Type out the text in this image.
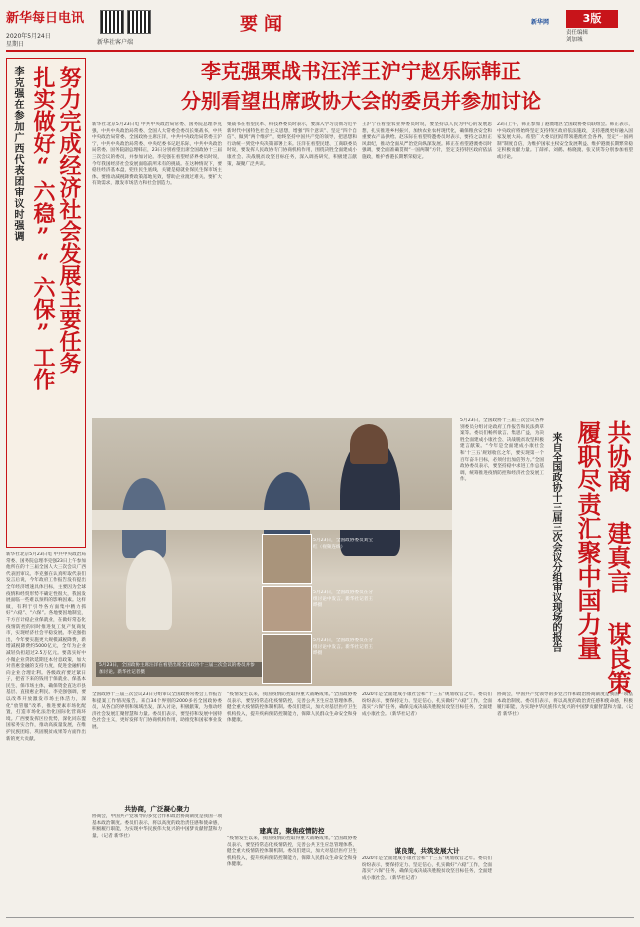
新华每日电讯
2020年5月24日
星期日	新华社客户端
要闻	新华网	3版
责任编辑
刘加城
李克强栗战书汪洋王沪宁赵乐际韩正
分别看望出席政协大会的委员并参加讨论
李克强在参加广西代表团审议时强调 扎实做好“六稳”“六保”工作 努力完成经济社会发展主要任务
新华社北京5月23日电 中共中央政治局常委、国务院总理李克强23日上午参加他所在的十三届全国人大三次会议广西代表团审议。李克强在认真听取代表们发言后说，今年政府工作报告没有提出全年经济增速具体目标，主要因为全球疫情和经贸形势不确定性很大，我国发展面临一些难以预料的影响因素。这样做，有利于引导各方面集中精力抓好“六稳”、“六保”。各地要因地制宜，千方百计稳企业保就业，在做好常态化疫情防控的同时推进复工复产复商复市，实现经济社会平稳发展。李克强指出，今年要实施更大规模减税降费，新增减税降费约5000亿元，全年为企业减轻负担超过2.5万亿元。要落实好中小微企业贷款延期还本付息政策，加大对普惠金融的支持力度，促进金融机构向企业合理让利。各级政府要过紧日子，把省下来的钱用于保就业、保基本民生、保市场主体，确保资金直达市县基层、直接惠企利民。李克强强调，要以改革开放激发市场主体活力，深化“放管服”改革，推进要素市场化配置，打造市场化法治化国际化营商环境。广西要发挥区位优势，深化同东盟国家务实合作，推动高质量发展，在维护民族团结、巩固脱贫成果等方面作出新的更大贡献。
新华社北京5月23日电 中共中央政治局常委、国务院总理李克强，中共中央政治局常委、全国人大常委会委员长栗战书，中共中央政治局常委、全国政协主席汪洋，中共中央政治局常委王沪宁，中共中央政治局常委、中央纪委书记赵乐际，中共中央政治局常委、国务院副总理韩正，23日分别看望出席全国政协十三届三次会议的委员，并参加讨论。李克强在看望经济界委员时说，今年我国经济社会发展面临前所未有的挑战。在这种情况下，要稳住经济基本盘，兜住民生底线，关键是稳就业保民生保市场主体。要推动减税降费政策落地见效，帮助企业渡过难关。要扩大有效需求，激发市场活力和社会创造力。
栗战书在看望民革、科技界委员时表示，要深入学习贯彻习近平新时代中国特色社会主义思想，增强“四个意识”、坚定“四个自信”、做到“两个维护”，始终坚持中国共产党的领导，把思想和行动统一到党中央决策部署上来。汪洋在看望民建、工商联委员时说，要发挥人民政协专门协商机构作用，围绕决胜全面建成小康社会、决战脱贫攻坚目标任务，深入调查研究，积极建言献策，凝聚广泛共识。
王沪宁在看望农业界委员时说，要坚持以人民为中心的发展思想，扎实推进乡村振兴，加快农业农村现代化，确保粮食安全和重要农产品供给。赵乐际在看望特邀委员时表示，要持之以恒正风肃纪，推动全面从严治党向纵深发展。韩正在看望港澳委员时强调，要全面准确贯彻“一国两制”方针，坚定支持特区政府依法施政，维护香港长期繁荣稳定。
23日上午，韩正参加了港澳地区全国政协委员联组会。韩正表示，中央政府将始终坚定支持特区政府依法施政，支持港澳更好融入国家发展大局。希望广大委员团结带领港澳社会各界，坚定“一国两制”制度自信，为维护国家主权安全发展利益、维护港澳长期繁荣稳定积极贡献力量。丁薛祥、刘鹤、杨晓渡、张又侠等分别参加看望或讨论。
5月23日，全国政协主席汪洋在看望出席全国政协十三届三次会议的委员并参加讨论。新华社记者摄
5月23日，全国政协委员刘宝红（视频连线）
5月23日，全国政协委员在分组讨论中发言。新华社记者王晔摄
5月23日，全国政协委员在分组讨论中发言。新华社记者王晔摄	共协商 建真言 谋良策
履职尽责汇聚中国力量
来自全国政协十三届三次会议分组审议现场的报告
5月23日，全国政协十三届三次会议各界别委员分组讨论政府工作报告和民法典草案等。委员们畅所欲言、集思广益，为决胜全面建成小康社会、决战脱贫攻坚积极建言献策。“今年是全面建成小康社会和‘十三五’规划收官之年，要实现第一个百年奋斗目标，必须付出加倍努力。”全国政协委员表示，要坚持稳中求进工作总基调，统筹推进疫情防控和经济社会发展工作。
全国政协十三届三次会议23日分组审议全国政协常委会工作报告和提案工作情况报告。来自34个界别的2000多名全国政协委员，从各自的界别和领域出发，深入讨论，积极献策，为推动经济社会发展汇聚智慧和力量。委员们表示，要坚持和发展中国特色社会主义，更好发挥专门协商机构作用，助推党和国家事业发展。
共协商，广泛凝心聚力
协商会，中国共产党领导的多党合作和政治协商制度是我国一项基本政治制度。委员们表示，将以高度的政治责任感和使命感，积极履行职能，为实现中华民族伟大复兴的中国梦贡献智慧和力量。（记者 新华社）
“疫情发生以来，我国疫情防控取得重大战略成果。”全国政协委员表示，要坚持常态化疫情防控，完善公共卫生应急管理体系，健全重大疫情防控体制机制。委员们建议，加大对基层医疗卫生机构投入，提升疾病预防控制能力，保障人民群众生命安全和身体健康。
建真言，聚焦疫情防控
“疫情发生以来，我国疫情防控取得重大战略成果。”全国政协委员表示，要坚持常态化疫情防控，完善公共卫生应急管理体系，健全重大疫情防控体制机制。委员们建议，加大对基层医疗卫生机构投入，提升疾病预防控制能力，保障人民群众生命安全和身体健康。
2020年是全面建成小康社会和“十三五”规划收官之年。委员们纷纷表示，要保持定力、坚定信心，扎实做好“六稳”工作，全面落实“六保”任务，确保完成决战决胜脱贫攻坚目标任务，全面建成小康社会。（新华社记者）
谋良策，共筑发展大计
2020年是全面建成小康社会和“十三五”规划收官之年。委员们纷纷表示，要保持定力、坚定信心，扎实做好“六稳”工作，全面落实“六保”任务，确保完成决战决胜脱贫攻坚目标任务，全面建成小康社会。（新华社记者）
协商会，中国共产党领导的多党合作和政治协商制度是我国一项基本政治制度。委员们表示，将以高度的政治责任感和使命感，积极履行职能，为实现中华民族伟大复兴的中国梦贡献智慧和力量。（记者 新华社）
